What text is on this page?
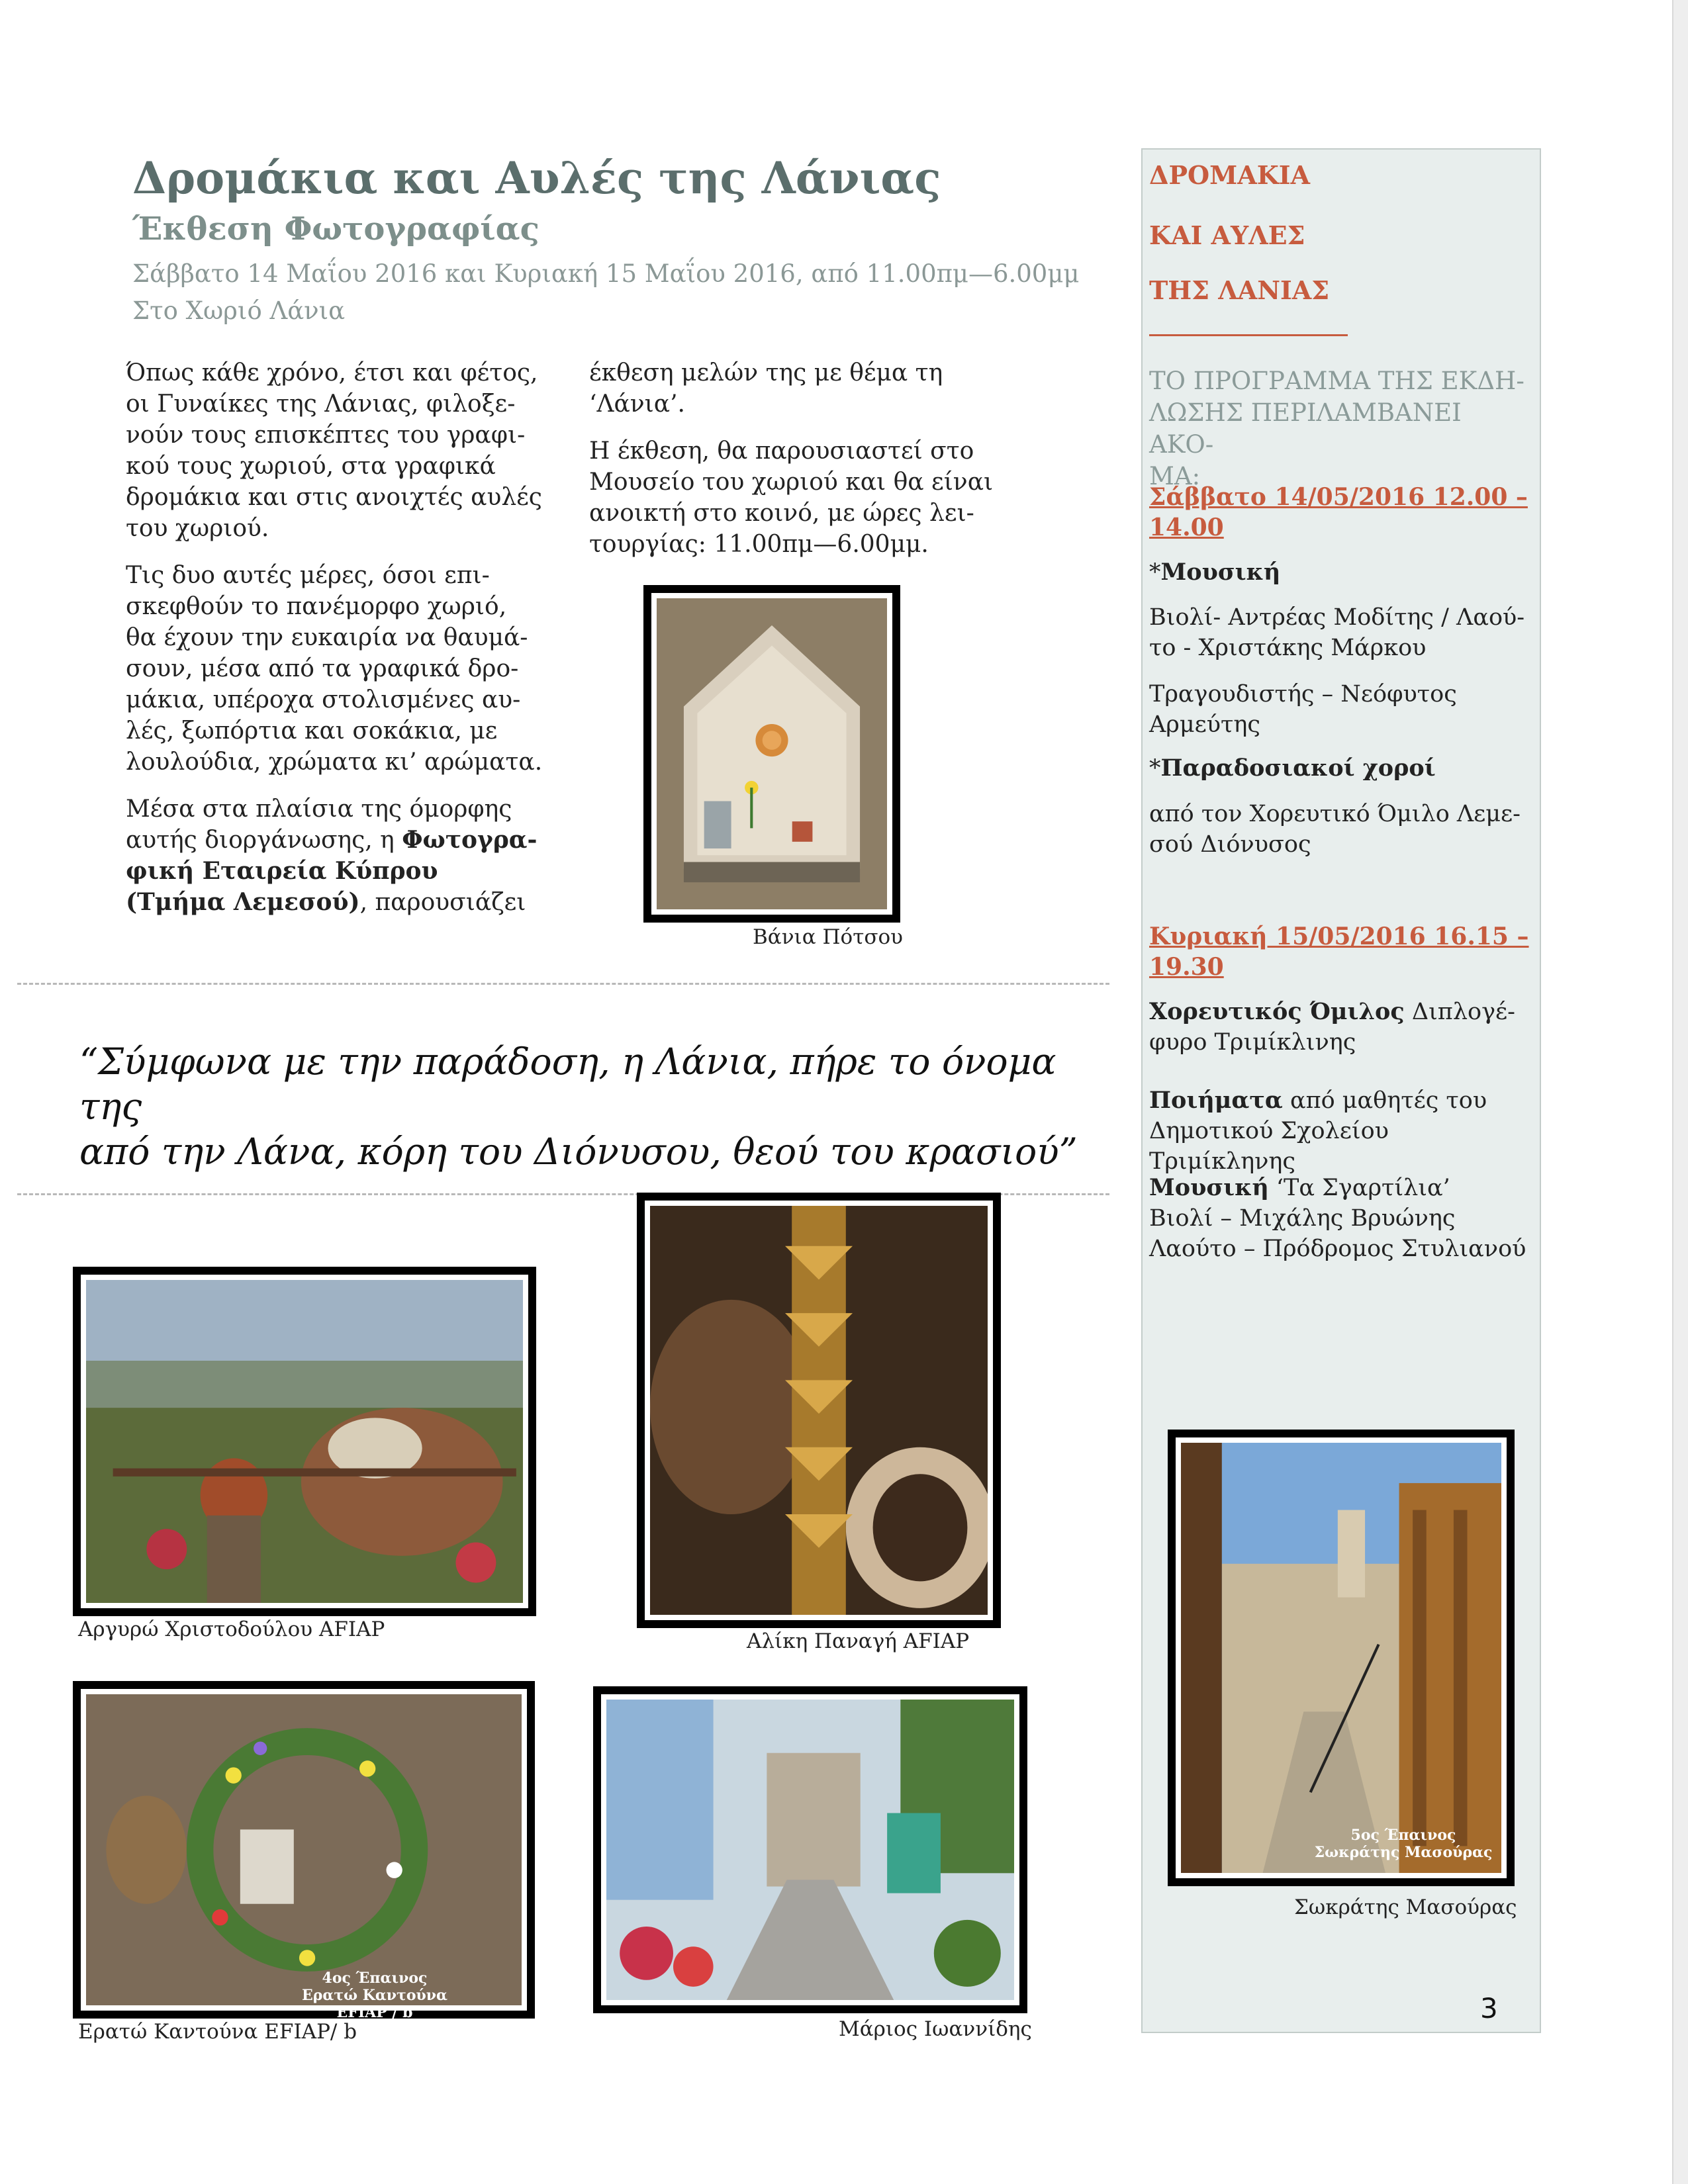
Δρομάκια και Αυλές της Λάνιας
Έκθεση Φωτογραφίας
Σάββατο 14 Μαΐου 2016 και Κυριακή 15 Μαΐου 2016, από 11.00πμ—6.00μμ
Στο Χωριό Λάνια

Όπως κάθε χρόνο, έτσι και φέτος,
οι Γυναίκες της Λάνιας, φιλοξε-
νούν τους επισκέπτες του γραφι-
κού τους χωριού, στα γραφικά
δρομάκια και στις ανοιχτές αυλές
του χωριού.

Τις δυο αυτές μέρες, όσοι επι-
σκεφθούν το πανέμορφο χωριό,
θα έχουν την ευκαιρία να θαυμά-
σουν, μέσα από τα γραφικά δρο-
μάκια, υπέροχα στολισμένες αυ-
λές, ξωπόρτια και σοκάκια, με
λουλούδια, χρώματα κι’ αρώματα.

Μέσα στα πλαίσια της όμορφης
αυτής διοργάνωσης, η Φωτογρα-
φική Εταιρεία Κύπρου
(Τμήμα Λεμεσού), παρουσιάζει

έκθεση μελών της με θέμα τη
‘Λάνια’.

Η έκθεση, θα παρουσιαστεί στο
Μουσείο του χωριού και θα είναι
ανοικτή στο κοινό, με ώρες λει-
τουργίας: 11.00πμ—6.00μμ.

Βάνια Πότσου
“Σύμφωνα με την παράδοση, η Λάνια, πήρε το όνομα της
από την Λάνα, κόρη του Διόνυσου, θεού του κρασιού”
Αργυρώ Χριστοδούλου AFIAP	Αλίκη Παναγή AFIAP
4ος Έπαινος
Ερατώ Καντούνα EFIAP / b
Ερατώ Καντούνα EFIAP/ b	Μάριος Ιωαννίδης
ΔΡΟΜΑΚΙΑ
ΚΑΙ ΑΥΛΕΣ
ΤΗΣ ΛΑΝΙΑΣ
ΤΟ ΠΡΟΓΡΑΜΜΑ ΤΗΣ ΕΚΔΗ-
ΛΩΣΗΣ ΠΕΡΙΛΑΜΒΑΝΕΙ ΑΚΟ-
ΜΑ:
Σάββατο 14/05/2016 12.00 –
14.00
*Μουσική
Βιολί- Αντρέας Μοδίτης / Λαού-
το - Χριστάκης Μάρκου
Τραγουδιστής – Νεόφυτος
Αρμεύτης
*Παραδοσιακοί χοροί
από τον Χορευτικό Όμιλο Λεμε-
σού Διόνυσος
Κυριακή 15/05/2016 16.15 –
19.30
Χορευτικός Όμιλος Διπλογέ-
φυρο Τριμίκλινης
Ποιήματα από μαθητές του
Δημοτικού Σχολείου Τριμίκληνης
Μουσική ‘Τα Σγαρτίλια’
Βιολί – Μιχάλης Βρυώνης
Λαούτο – Πρόδρομος Στυλιανού
5ος Έπαινος
Σωκράτης Μασούρας
Σωκράτης Μασούρας
3
